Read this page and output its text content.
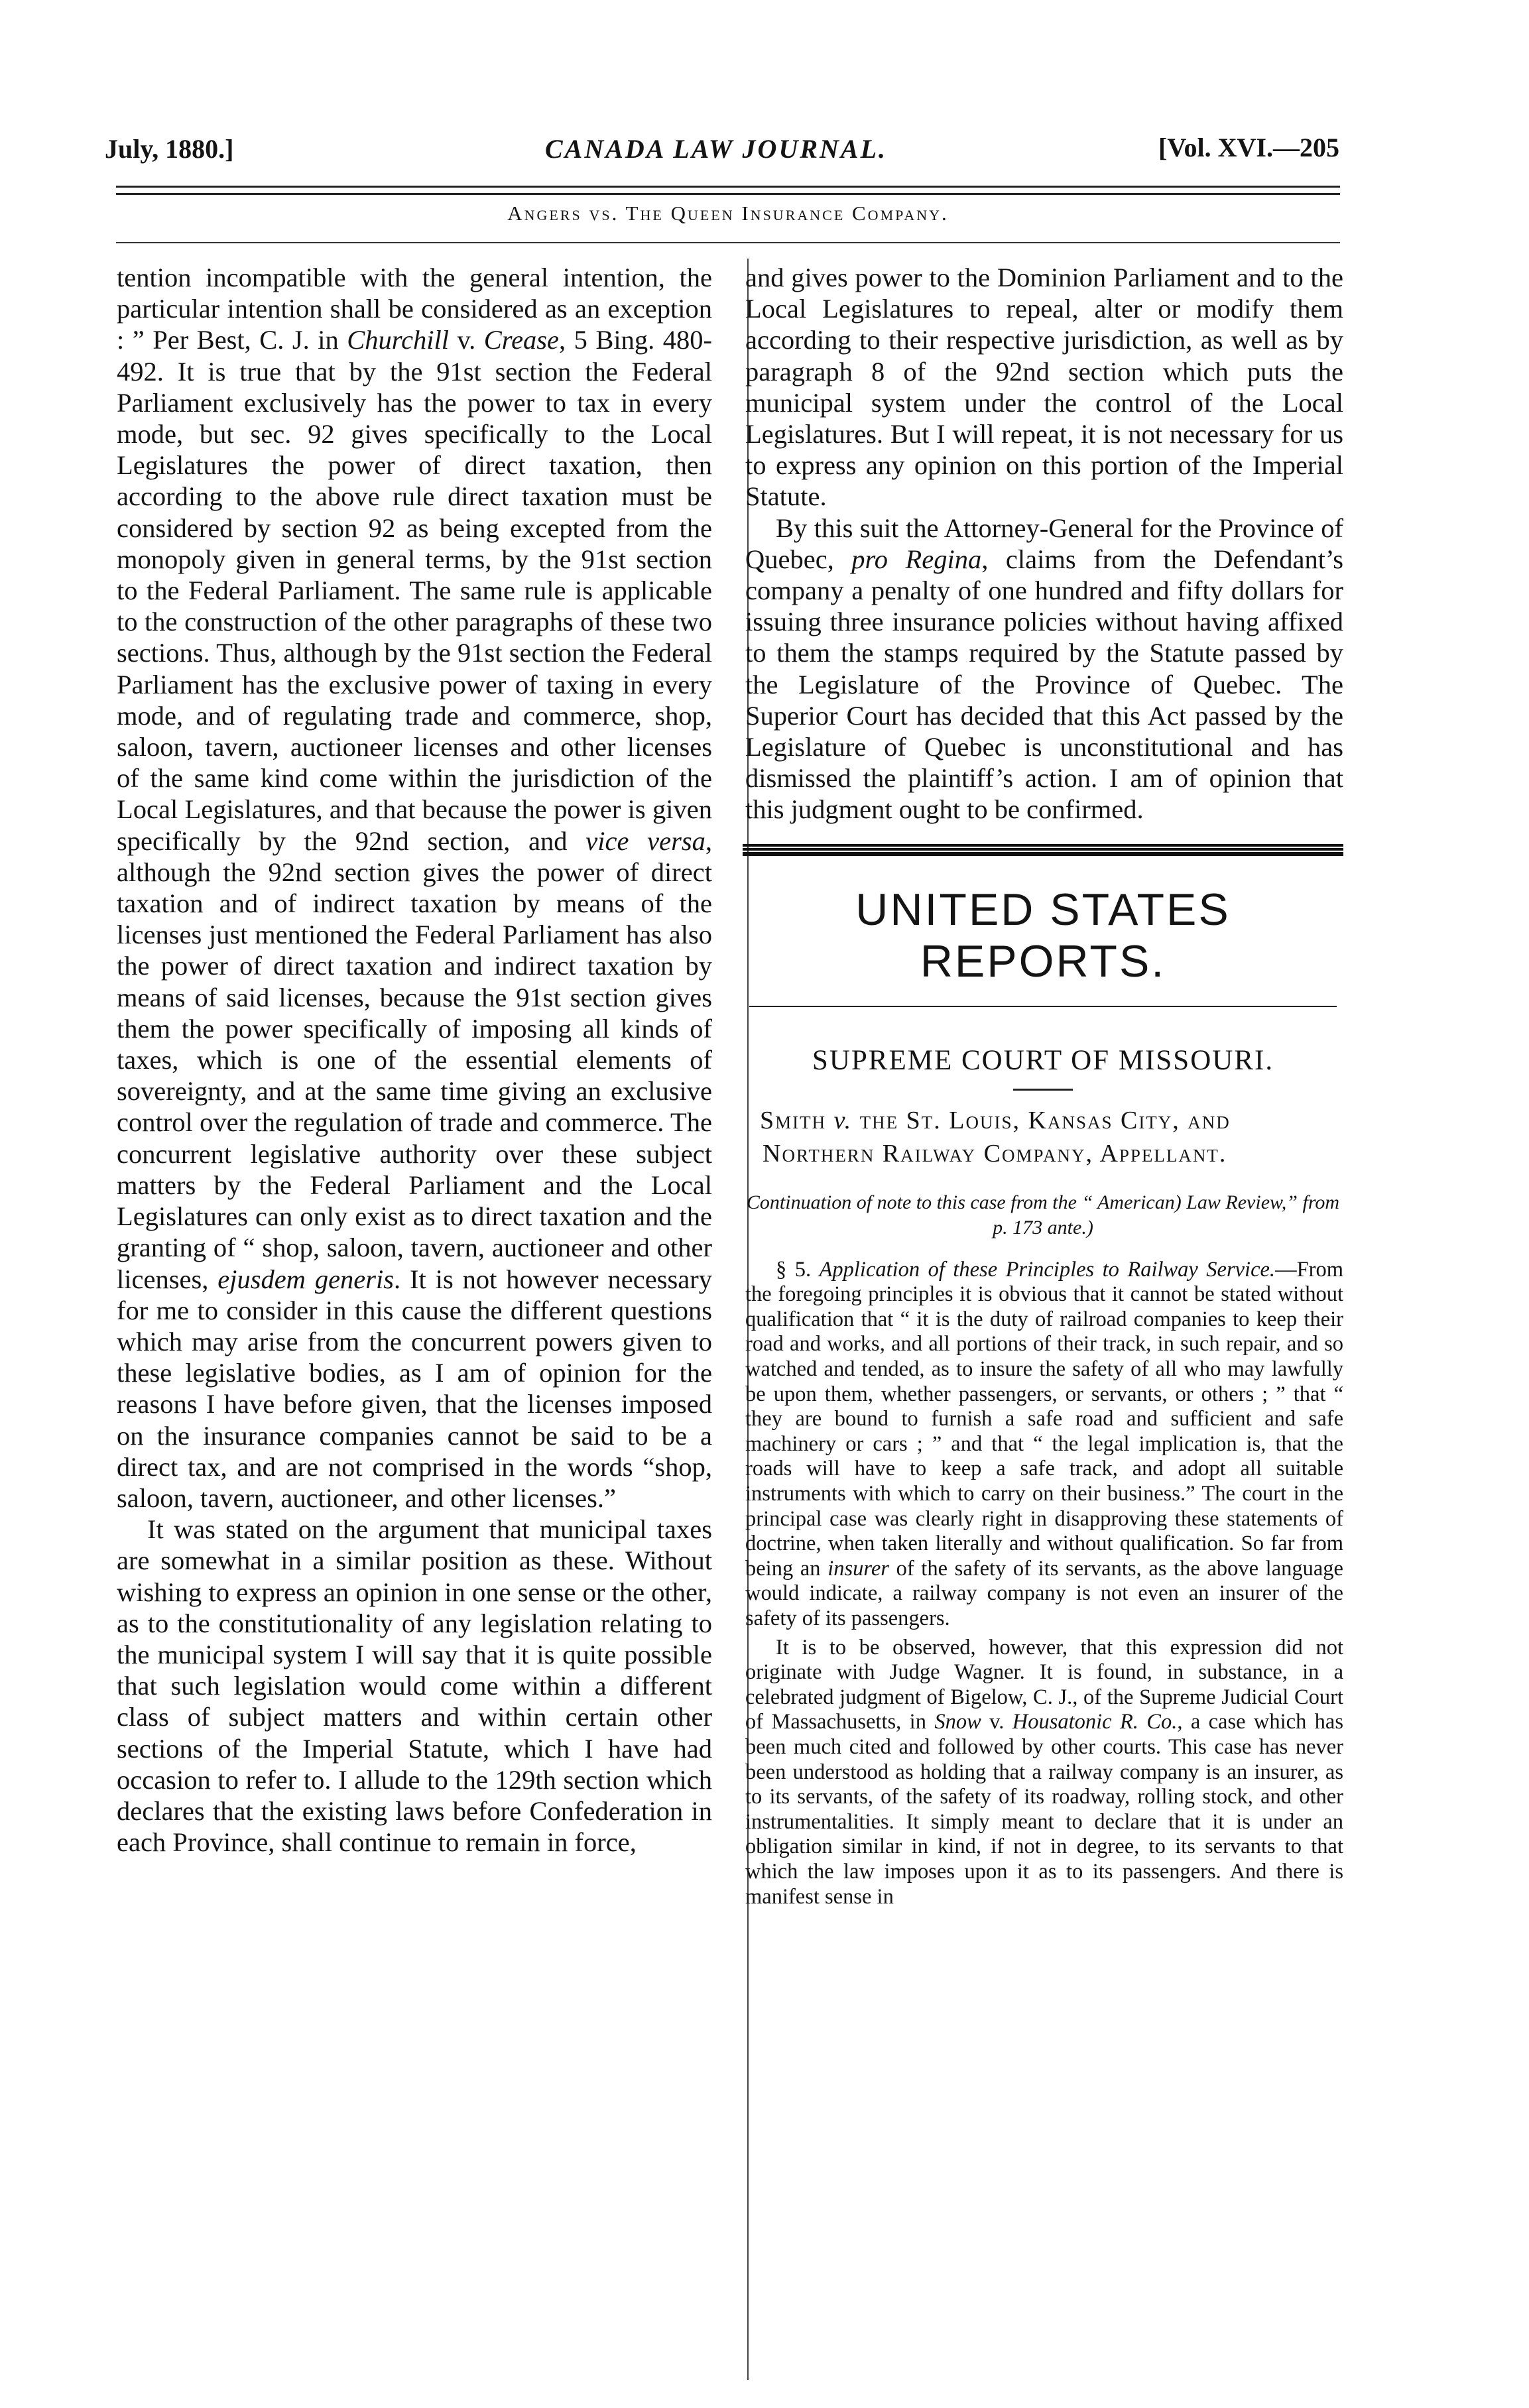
July, 1880.]	CANADA LAW JOURNAL.	[Vol. XVI.—205
Angers vs. The Queen Insurance Company.

tention incompatible with the general intention, the particular intention shall be considered as an exception : ” Per Best, C. J. in Churchill v. Crease, 5 Bing. 480-492. It is true that by the 91st section the Federal Parliament exclusively has the power to tax in every mode, but sec. 92 gives specifically to the Local Legislatures the power of direct taxation, then according to the above rule direct taxation must be considered by section 92 as being excepted from the monopoly given in general terms, by the 91st section to the Federal Parliament. The same rule is applicable to the construction of the other paragraphs of these two sections. Thus, although by the 91st section the Federal Parliament has the exclusive power of taxing in every mode, and of regulating trade and commerce, shop, saloon, tavern, auctioneer licenses and other licenses of the same kind come within the jurisdiction of the Local Legislatures, and that because the power is given specifically by the 92nd section, and vice versa, although the 92nd section gives the power of direct taxation and of indirect taxation by means of the licenses just mentioned the Federal Parliament has also the power of direct taxation and indirect taxation by means of said licenses, because the 91st section gives them the power specifically of imposing all kinds of taxes, which is one of the essential elements of sovereignty, and at the same time giving an exclusive control over the regulation of trade and commerce. The concurrent legislative authority over these subject matters by the Federal Parliament and the Local Legislatures can only exist as to direct taxation and the granting of “ shop, saloon, tavern, auctioneer and other licenses, ejusdem generis. It is not however necessary for me to consider in this cause the different questions which may arise from the concurrent powers given to these legislative bodies, as I am of opinion for the reasons I have before given, that the licenses imposed on the insurance companies cannot be said to be a direct tax, and are not comprised in the words “shop, saloon, tavern, auctioneer, and other licenses.”

It was stated on the argument that municipal taxes are somewhat in a similar position as these. Without wishing to express an opinion in one sense or the other, as to the constitutionality of any legislation relating to the municipal system I will say that it is quite possible that such legislation would come within a different class of subject matters and within certain other sections of the Imperial Statute, which I have had occasion to refer to. I allude to the 129th section which declares that the existing laws before Confederation in each Province, shall continue to remain in force,

and gives power to the Dominion Parliament and to the Local Legislatures to repeal, alter or modify them according to their respective jurisdiction, as well as by paragraph 8 of the 92nd section which puts the municipal system under the control of the Local Legislatures. But I will repeat, it is not necessary for us to express any opinion on this portion of the Imperial Statute.

By this suit the Attorney-General for the Province of Quebec, pro Regina, claims from the Defendant’s company a penalty of one hundred and fifty dollars for issuing three insurance policies without having affixed to them the stamps required by the Statute passed by the Legislature of the Province of Quebec. The Superior Court has decided that this Act passed by the Legislature of Quebec is unconstitutional and has dismissed the plaintiff’s action. I am of opinion that this judgment ought to be confirmed.

UNITED STATES REPORTS.
SUPREME COURT OF MISSOURI.
Smith v. the St. Louis, Kansas City, and Northern Railway Company, Appellant.
Continuation of note to this case from the “ American) Law Review,” from p. 173 ante.)

§ 5. Application of these Principles to Railway Service.—From the foregoing principles it is obvious that it cannot be stated without qualification that “ it is the duty of railroad companies to keep their road and works, and all portions of their track, in such repair, and so watched and tended, as to insure the safety of all who may lawfully be upon them, whether passengers, or servants, or others ; ” that “ they are bound to furnish a safe road and sufficient and safe machinery or cars ; ” and that “ the legal implication is, that the roads will have to keep a safe track, and adopt all suitable instruments with which to carry on their business.” The court in the principal case was clearly right in disapproving these statements of doctrine, when taken literally and without qualification. So far from being an insurer of the safety of its servants, as the above language would indicate, a railway company is not even an insurer of the safety of its passengers.

It is to be observed, however, that this expression did not originate with Judge Wagner. It is found, in substance, in a celebrated judgment of Bigelow, C. J., of the Supreme Judicial Court of Massachusetts, in Snow v. Housatonic R. Co., a case which has been much cited and followed by other courts. This case has never been understood as holding that a railway company is an insurer, as to its servants, of the safety of its roadway, rolling stock, and other instrumentalities. It simply meant to declare that it is under an obligation similar in kind, if not in degree, to its servants to that which the law imposes upon it as to its passengers. And there is manifest sense in
